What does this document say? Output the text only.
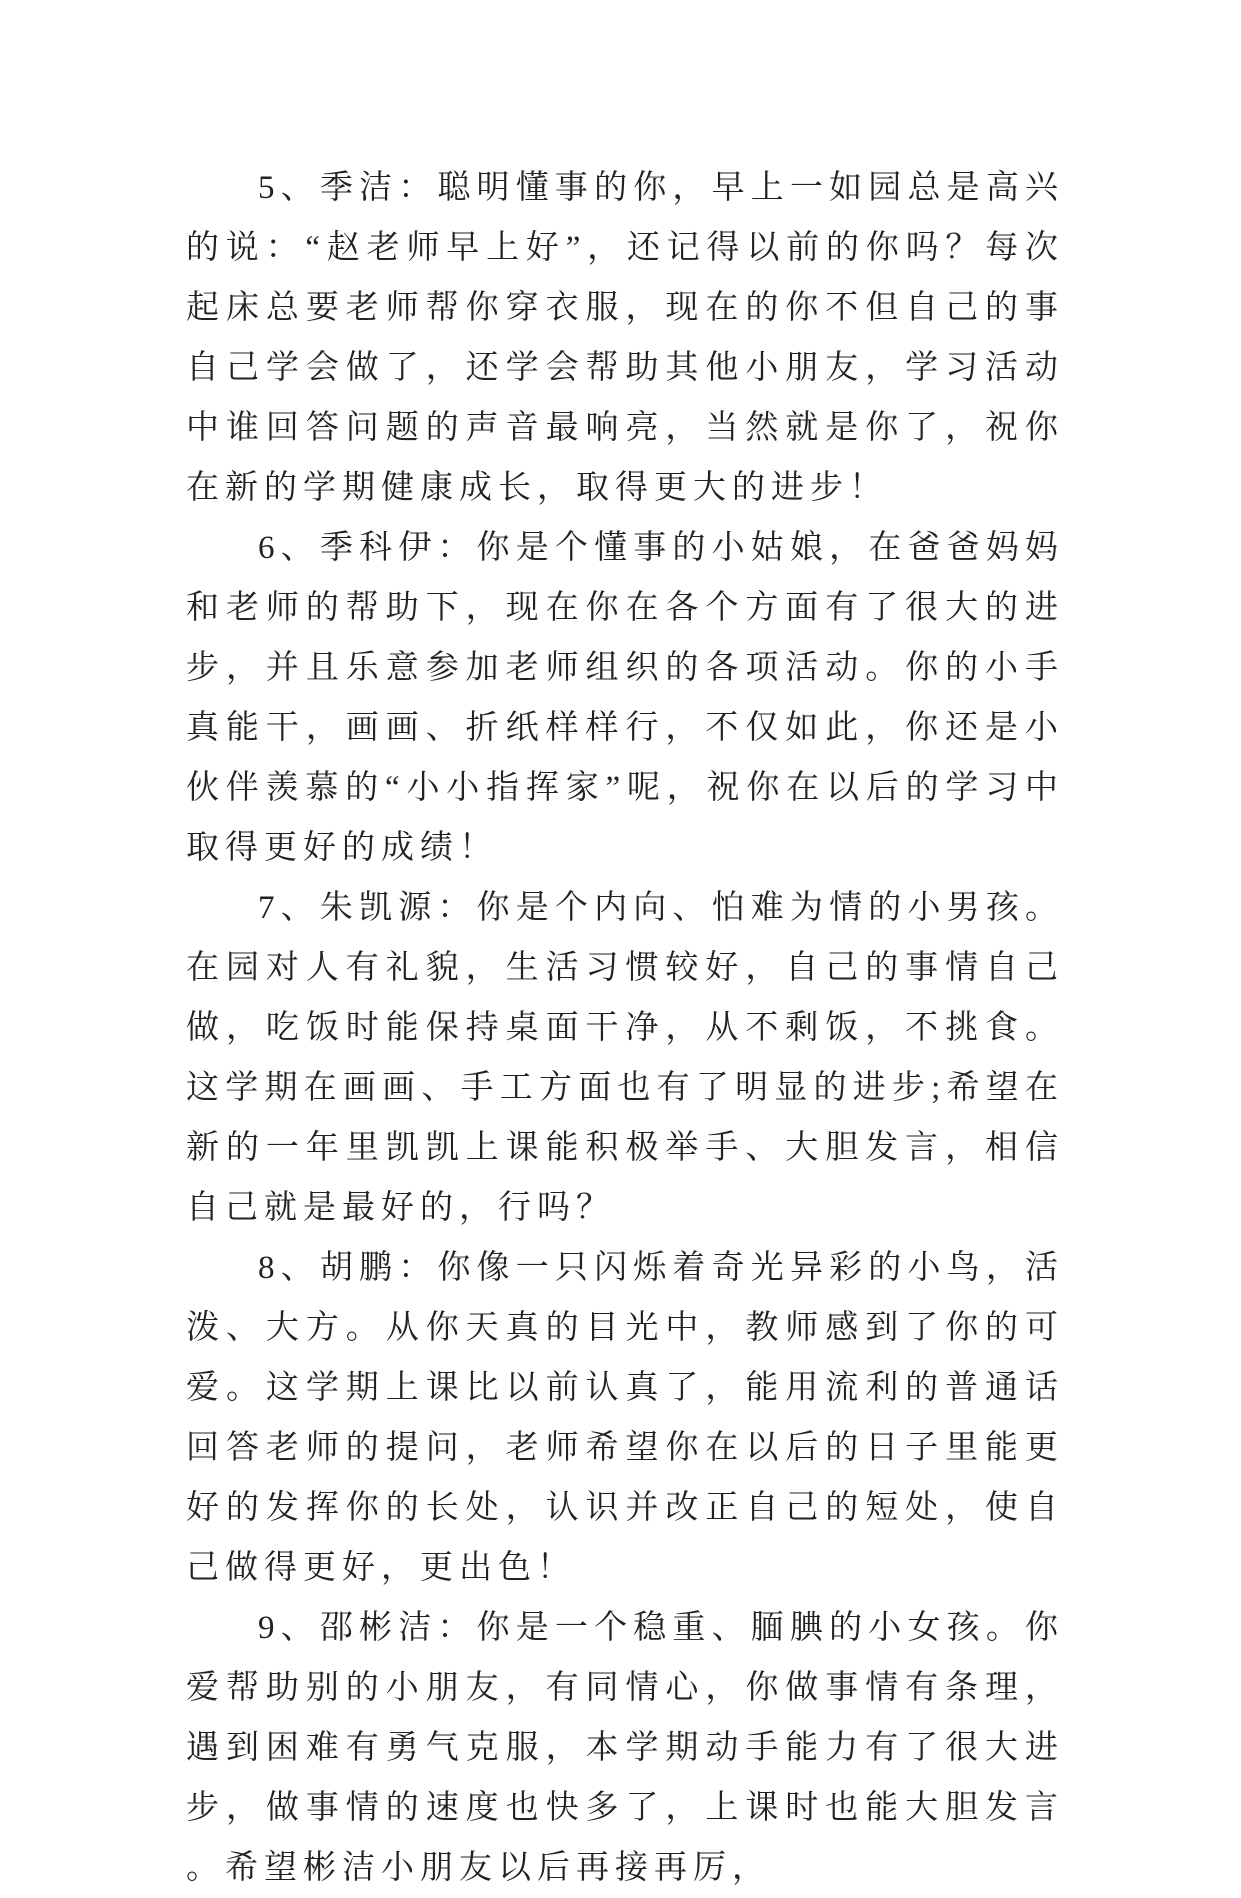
5、季洁：聪明懂事的你，早上一如园总是高兴的说：“赵老师早上好”，还记得以前的你吗？每次起床总要老师帮你穿衣服，现在的你不但自己的事自己学会做了，还学会帮助其他小朋友，学习活动中谁回答问题的声音最响亮，当然就是你了，祝你在新的学期健康成长，取得更大的进步！

6、季科伊：你是个懂事的小姑娘，在爸爸妈妈和老师的帮助下，现在你在各个方面有了很大的进步，并且乐意参加老师组织的各项活动。你的小手真能干，画画、折纸样样行，不仅如此，你还是小伙伴羡慕的“小小指挥家”呢，祝你在以后的学习中取得更好的成绩！

7、朱凯源：你是个内向、怕难为情的小男孩。在园对人有礼貌，生活习惯较好，自己的事情自己做，吃饭时能保持桌面干净，从不剩饭，不挑食。这学期在画画、手工方面也有了明显的进步;希望在新的一年里凯凯上课能积极举手、大胆发言，相信自己就是最好的，行吗？

8、胡鹏：你像一只闪烁着奇光异彩的小鸟，活泼、大方。从你天真的目光中，教师感到了你的可爱。这学期上课比以前认真了，能用流利的普通话回答老师的提问，老师希望你在以后的日子里能更好的发挥你的长处，认识并改正自己的短处，使自己做得更好，更出色！

9、邵彬洁：你是一个稳重、腼腆的小女孩。你爱帮助别的小朋友，有同情心，你做事情有条理，遇到困难有勇气克服，本学期动手能力有了很大进步，做事情的速度也快多了，上课时也能大胆发言。希望彬洁小朋友以后再接再厉，
